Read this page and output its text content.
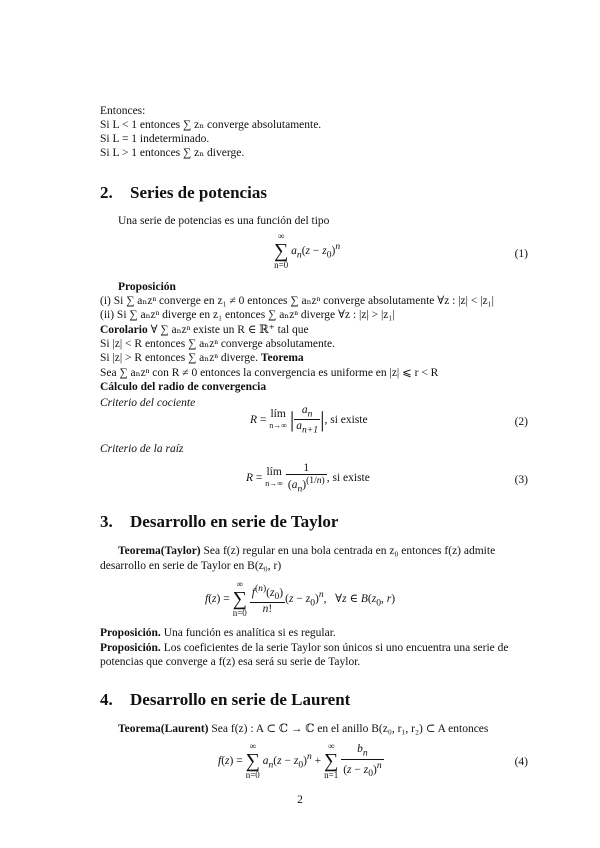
Entonces:
Si L < 1 entonces ∑ zₙ converge absolutamente.
Si L = 1 indeterminado.
Si L > 1 entonces ∑ zₙ diverge.
2. Series de potencias
Una serie de potencias es una función del tipo
∞
∑
n=0 $a_n(z - z_0)^n$
(1)
Proposición
(i) Si ∑ aₙzⁿ converge en z₁ ≠ 0 entonces ∑ aₙzⁿ converge absolutamente ∀z : |z| < |z₁|
(ii) Si ∑ aₙzⁿ diverge en z₁ entonces ∑ aₙzⁿ diverge ∀z : |z| > |z₁|
Corolario ∀ ∑ aₙzⁿ existe un R ∈ ℝ⁺ tal que
Si |z| < R entonces ∑ aₙzⁿ converge absolutamente.
Si |z| > R entonces ∑ aₙzⁿ diverge. Teorema
Sea ∑ aₙzⁿ con R ≠ 0 entonces la convergencia es uniforme en |z| ⩽ r < R
Cálculo del radio de convergencia
Criterio del cociente
R = lím
n→∞ | $\frac{a_n}{a_{n+1}}$ |, si existe	(2)
Criterio de la raíz
R = lím
n→∞
$\frac{1}{(a_n)^{(1/n)}}$ , si existe	(3)
3. Desarrollo en serie de Taylor
Teorema(Taylor) Sea f(z) regular en una bola centrada en z₀ entonces f(z) admite
desarrollo en serie de Taylor en B(z₀, r)
f(z) = ∞
∑
$n=0 \frac{f^{(n)}(z_0)}{n!} (z - z_0)^n$,   ∀z ∈ $B(z_0$, r)
Proposición. Una función es analítica si es regular.
Proposición. Los coeficientes de la serie Taylor son únicos si uno encuentra una serie de
potencias que converge a f(z) esa será su serie de Taylor.
4. Desarrollo en serie de Laurent
Teorema(Laurent) Sea f(z) : A ⊂ ℂ → ℂ en el anillo B(z₀, r₁, r₂) ⊂ A entonces
f(z) = ∞
∑
n=0 $a_n(z - z_0)^n$ + ∞
∑
$n=1 \frac{b_n}{(z - z_0)^n}$	(4)
2
